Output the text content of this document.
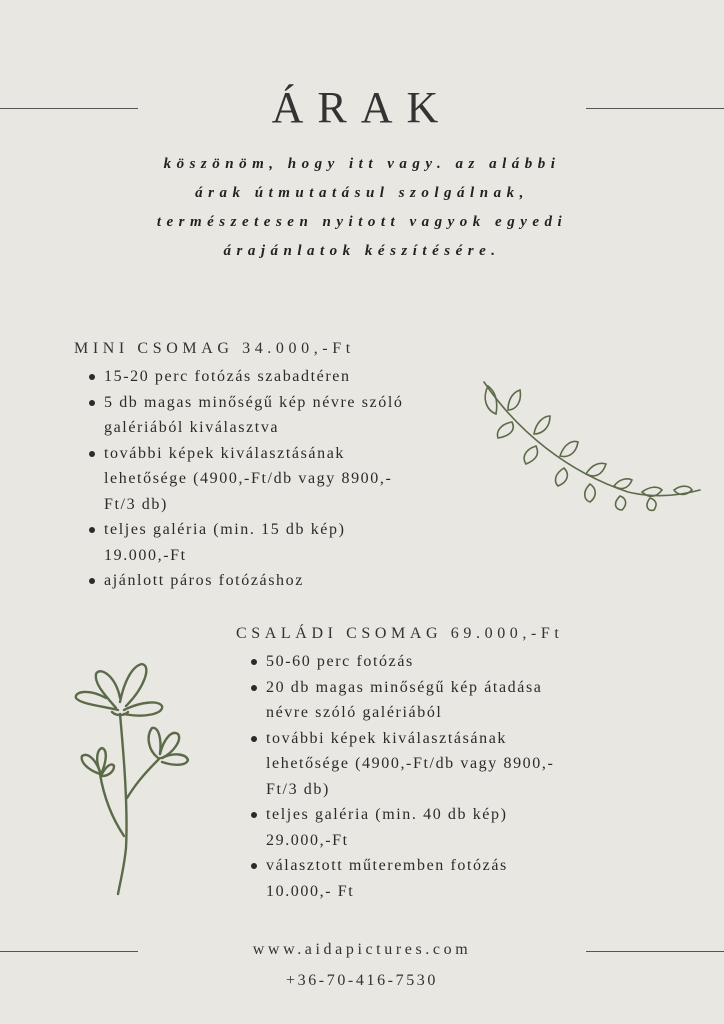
ÁRAK
köszönöm, hogy itt vagy. az alábbi
árak útmutatásul szolgálnak,
természetesen nyitott vagyok egyedi
árajánlatok készítésére.
MINI CSOMAG 34.000,-Ft
15-20 perc fotózás szabadtéren
5 db magas minőségű kép névre szóló
galériából kiválasztva
további képek kiválasztásának
lehetősége (4900,-Ft/db vagy 8900,-
Ft/3 db)
teljes galéria (min. 15 db kép)
19.000,-Ft
ajánlott páros fotózáshoz
CSALÁDI CSOMAG 69.000,-Ft
50-60 perc fotózás
20 db magas minőségű kép átadása
névre szóló galériából
további képek kiválasztásának
lehetősége (4900,-Ft/db vagy 8900,-
Ft/3 db)
teljes galéria (min. 40 db kép)
29.000,-Ft
választott műteremben fotózás
10.000,- Ft
www.aidapictures.com
+36-70-416-7530
